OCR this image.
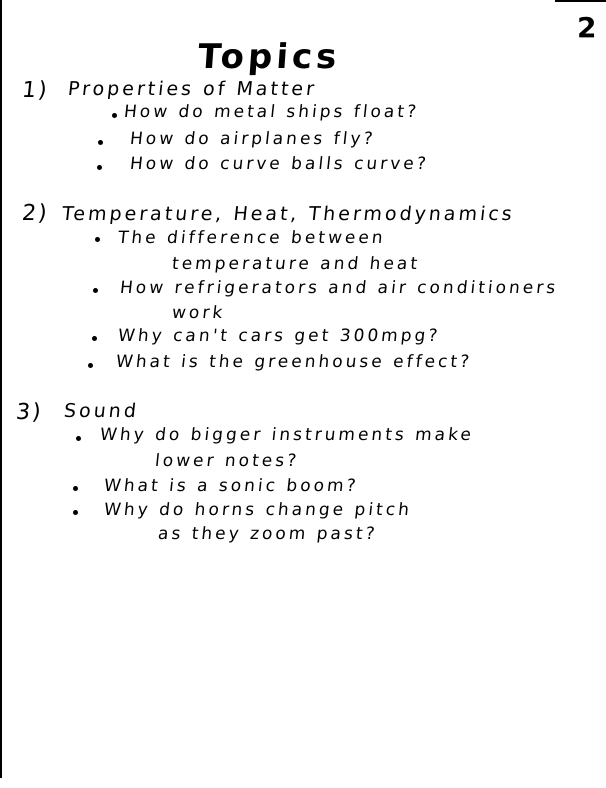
2
Topics
1) Properties of Matter
How do metal ships float?
How do airplanes fly?
How do curve balls curve?
2) Temperature, Heat, Thermodynamics
The difference between
temperature and heat
How refrigerators and air conditioners
work
Why can't cars get 300mpg?
What is the greenhouse effect?
3) Sound
Why do bigger instruments make
lower notes?
What is a sonic boom?
Why do horns change pitch
as they zoom past?
